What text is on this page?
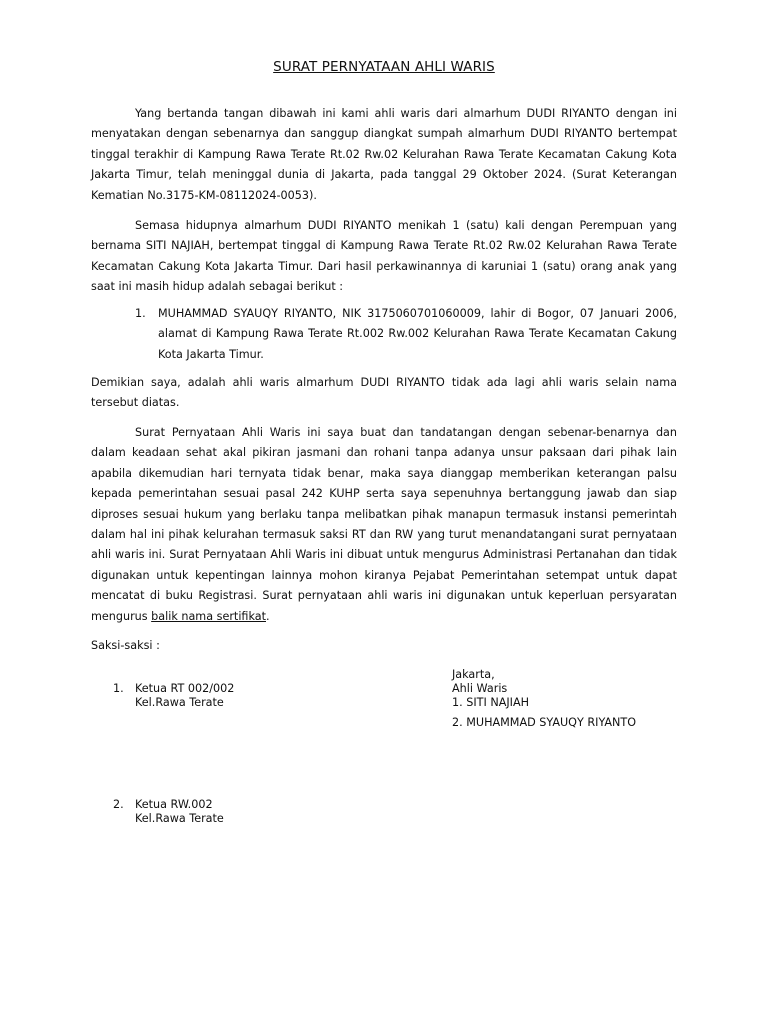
SURAT PERNYATAAN AHLI WARIS
Yang bertanda tangan dibawah ini kami ahli waris dari almarhum DUDI RIYANTO dengan ini menyatakan dengan sebenarnya dan sanggup diangkat sumpah almarhum DUDI RIYANTO bertempat tinggal terakhir di Kampung Rawa Terate Rt.02 Rw.02 Kelurahan Rawa Terate Kecamatan Cakung Kota Jakarta Timur, telah meninggal dunia di Jakarta, pada tanggal 29 Oktober 2024. (Surat Keterangan Kematian No.3175-KM-08112024-0053).
Semasa hidupnya almarhum DUDI RIYANTO menikah 1 (satu) kali dengan Perempuan yang bernama SITI NAJIAH, bertempat tinggal di Kampung Rawa Terate Rt.02 Rw.02 Kelurahan Rawa Terate Kecamatan Cakung Kota Jakarta Timur. Dari hasil perkawinannya di karuniai 1 (satu) orang anak yang saat ini masih hidup adalah sebagai berikut :
1. MUHAMMAD SYAUQY RIYANTO, NIK 3175060701060009, lahir di Bogor, 07 Januari 2006, alamat di Kampung Rawa Terate Rt.002 Rw.002 Kelurahan Rawa Terate Kecamatan Cakung Kota Jakarta Timur.
Demikian saya, adalah ahli waris almarhum DUDI RIYANTO tidak ada lagi ahli waris selain nama tersebut diatas.
Surat Pernyataan Ahli Waris ini saya buat dan tandatangan dengan sebenar-benarnya dan dalam keadaan sehat akal pikiran jasmani dan rohani tanpa adanya unsur paksaan dari pihak lain apabila dikemudian hari ternyata tidak benar, maka saya dianggap memberikan keterangan palsu kepada pemerintahan sesuai pasal 242 KUHP serta saya sepenuhnya bertanggung jawab dan siap diproses sesuai hukum yang berlaku tanpa melibatkan pihak manapun termasuk instansi pemerintah dalam hal ini pihak kelurahan termasuk saksi RT dan RW yang turut menandatangani surat pernyataan ahli waris ini. Surat Pernyataan Ahli Waris ini dibuat untuk mengurus Administrasi Pertanahan dan tidak digunakan untuk kepentingan lainnya mohon kiranya Pejabat Pemerintahan setempat untuk dapat mencatat di buku Registrasi. Surat pernyataan ahli waris ini digunakan untuk keperluan persyaratan mengurus balik nama sertifikat.
Saksi-saksi :
1. Ketua RT 002/002
Kel.Rawa Terate
2. Ketua RW.002
Kel.Rawa Terate
Jakarta,
Ahli Waris
1. SITI NAJIAH
2. MUHAMMAD SYAUQY RIYANTO
